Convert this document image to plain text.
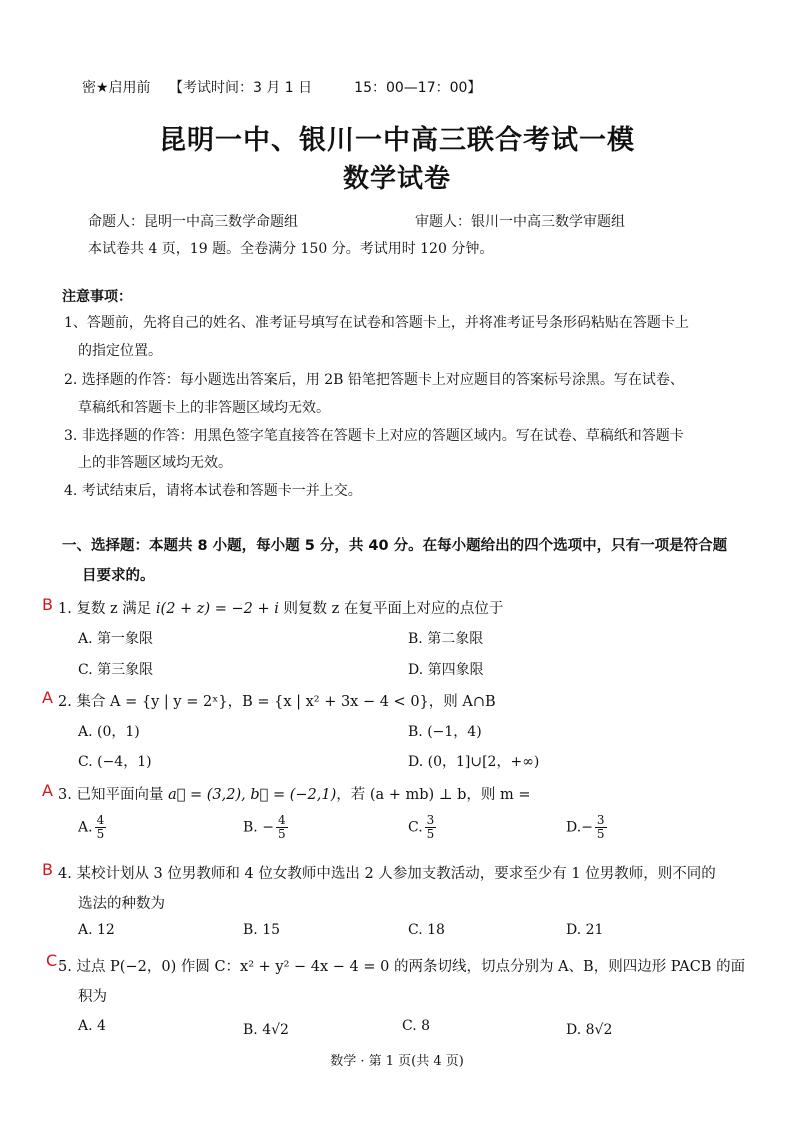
密★启用前　 【考试时间：3 月 1 日　　　15：00—17：00】
昆明一中、银川一中高三联合考试一模
数学试卷
命题人：昆明一中高三数学命题组	审题人：银川一中高三数学审题组
本试卷共 4 页，19 题。全卷满分 150 分。考试用时 120 分钟。
注意事项：
1、答题前，先将自己的姓名、准考证号填写在试卷和答题卡上，并将准考证号条形码粘贴在答题卡上
　的指定位置。
2. 选择题的作答：每小题选出答案后，用 2B 铅笔把答题卡上对应题目的答案标号涂黑。写在试卷、
　草稿纸和答题卡上的非答题区域均无效。
3. 非选择题的作答：用黑色签字笔直接答在答题卡上对应的答题区域内。写在试卷、草稿纸和答题卡
　上的非答题区域均无效。
4. 考试结束后，请将本试卷和答题卡一并上交。
一、选择题：本题共 8 小题，每小题 5 分，共 40 分。在每小题给出的四个选项中，只有一项是符合题
目要求的。
B 1. 复数 z 满足 i(2 + z) = −2 + i 则复数 z 在复平面上对应的点位于
A. 第一象限	B. 第二象限
C. 第三象限	D. 第四象限
A 2. 集合 A = {y | y = 2ˣ}，B = {x | x² + 3x − 4 < 0}，则 A∩B
A. (0，1)	B. (−1，4)
C. (−4，1)	D. (0，1]∪[2，+∞)
A 3. 已知平面向量 a⃗ = (3,2), b⃗ = (−2,1)，若 (a + mb) ⊥ b，则 m =
A. $\frac{4}{5}$	B. − $\frac{4}{5}$	C. $\frac{3}{5}$	$D.- \frac{3}{5}$
B 4. 某校计划从 3 位男教师和 4 位女教师中选出 2 人参加支教活动，要求至少有 1 位男教师，则不同的
选法的种数为
A. 12	B. 15	C. 18	D. 21
C 5. 过点 P(−2，0) 作圆 C：x² + y² − 4x − 4 = 0 的两条切线，切点分别为 A、B，则四边形 PACB 的面
积为
A. 4	B. 4√2	C. 8	D. 8√2
数学 · 第 1 页(共 4 页)
